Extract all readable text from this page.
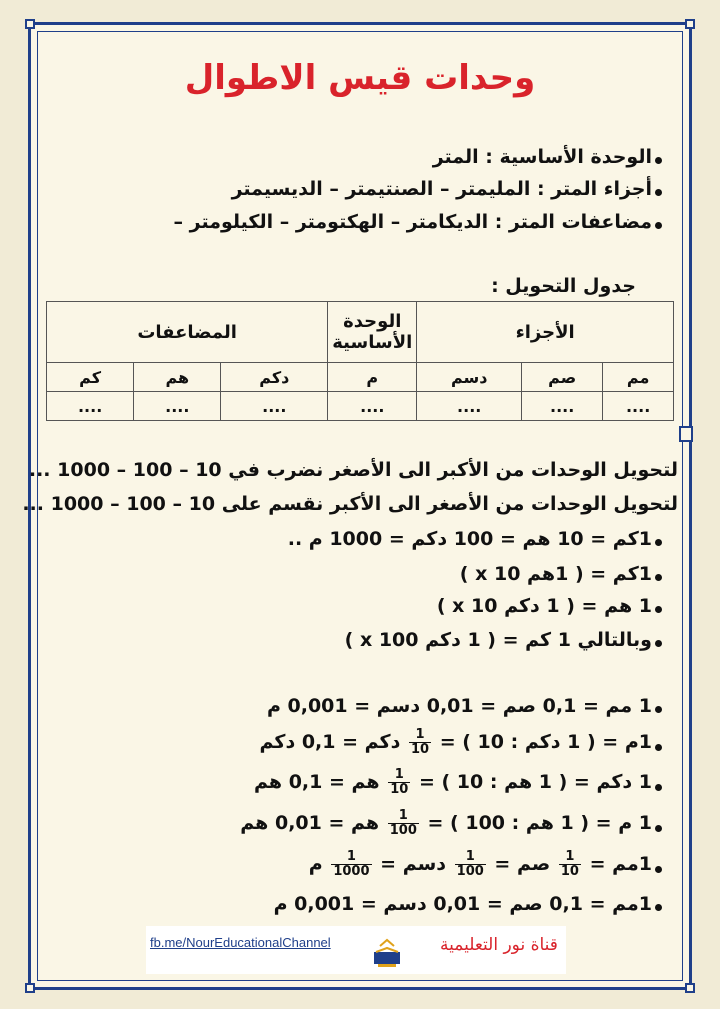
وحدات قيس الاطوال
الوحدة الأساسية : المتر
أجزاء المتر : المليمتر – الصنتيمتر – الديسيمتر
مضاعفات المتر : الديكامتر – الهكتومتر – الكيلومتر –
جدول التحويل :
الأجزاء			الوحدة الأساسية	المضاعفات		
مم	صم	دسم	م	دكم	هم	كم
....	....	....	....	....	....	....
لتحويل الوحدات من الأكبر الى الأصغر نضرب في 10 – 100 – 1000 ...
لتحويل الوحدات من الأصغر الى الأكبر نقسم على 10 – 100 – 1000 ...
1كم = 10 هم = 100 دكم = 1000 م ..
1كم = ( 1هم x 10 )
1 هم = ( 1 دكم x 10 )
وبالتالي 1 كم = ( 1 دكم x 100 )
1 مم = 0,1 صم = 0,01 دسم = 0,001 م
1م = ( 1 دكم : 10 ) =
$\frac{1}{10}$
دكم = 0,1 دكم
1 دكم = ( 1 هم : 10 ) =
$\frac{1}{10}$
هم = 0,1 هم
1 م = ( 1 هم : 100 ) =
$\frac{1}{100}$
هم = 0,01 هم
1مم =
$\frac{1}{10}$
صم =
$\frac{1}{100}$
دسم =
$\frac{1}{1000}$
م
1مم = 0,1 صم = 0,01 دسم = 0,001 م
fb.me/NourEducationalChannel	قناة نور التعليمية
